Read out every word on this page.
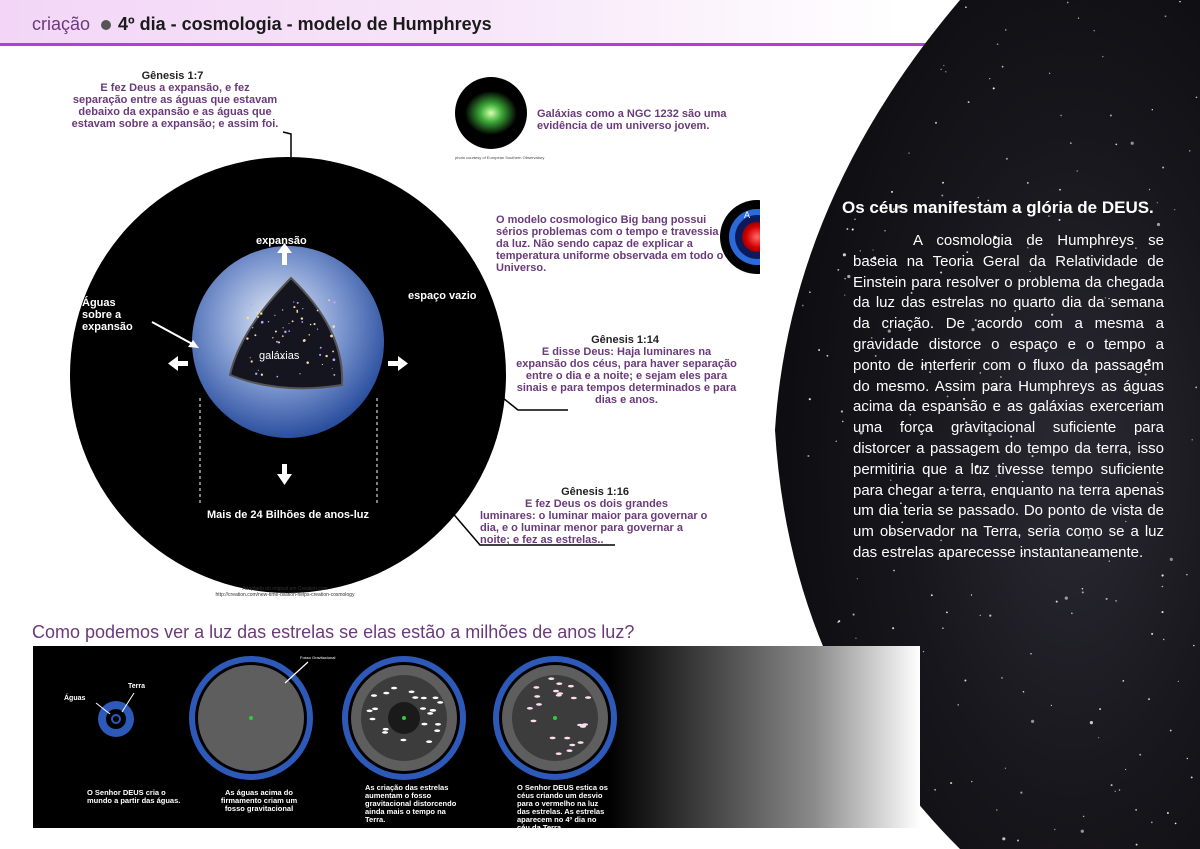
criação 4º dia - cosmologia - modelo de Humphreys
Os céus manifestam a glória de DEUS.
A cosmologia de Humphreys se baseia na Teoria Geral da Relatividade de Einstein para resolver o problema da chegada da luz das estrelas no quarto dia da semana da criação. De acordo com a mesma a gravidade distorce o espaço e o tempo a ponto de interferir com o fluxo da passagem do mesmo. Assim para Humphreys as águas acima da espansão e as galáxias exerceriam uma força gravitacional suficiente para distorcer a passagem do tempo da terra, isso permitiria que a luz tivesse tempo suficiente para chegar a terra, enquanto na terra apenas um dia teria se passado. Do ponto de vista de um observador na Terra, seria como se a luz das estrelas aparecesse instantaneamente.
Gênesis 1:7
E fez Deus a expansão, e fez
separação entre as águas que estavam
debaixo da expansão e as águas que
estavam sobre a expansão; e assim foi.
expansão
espaço vazio
Águas
sobre a
expansão
galáxias
Mais de 24 Bilhões de anos-luz
Adaptado do original em Creation.com
http://creation.com/new-time-dilation-helps-creation-cosmology
Galáxias como a NGC 1232 são uma
evidência de um universo jovem.
photo courtesy of European Southern Observatory
O modelo cosmologico Big bang possui
sérios problemas com o tempo e travessia
da luz. Não sendo capaz de explicar a
temperatura uniforme observada em todo o
Universo.
A
B
Gênesis 1:14
E disse Deus: Haja luminares na
expansão dos céus, para haver separação
entre o dia e a noite; e sejam eles para
sinais e para tempos determinados e para
dias e anos.
Gênesis 1:16
E fez Deus os dois grandes
luminares: o luminar maior para governar o
dia, e o luminar menor para governar a
noite; e fez as estrelas..
Como podemos ver a luz das estrelas se elas estão a milhões de anos luz?
Águas
Terra
Fosso Gravitacional
O Senhor DEUS cria o
mundo a partir das águas.
As águas acima do
firmamento criam um
fosso gravitacional
As criação das estrelas
aumentam o fosso
gravitacional distorcendo
ainda mais o tempo na
Terra.
O Senhor DEUS estica os
céus criando um desvio
para o vermelho na luz
das estrelas. As estrelas
aparecem no 4º dia no
céu da Terra.
